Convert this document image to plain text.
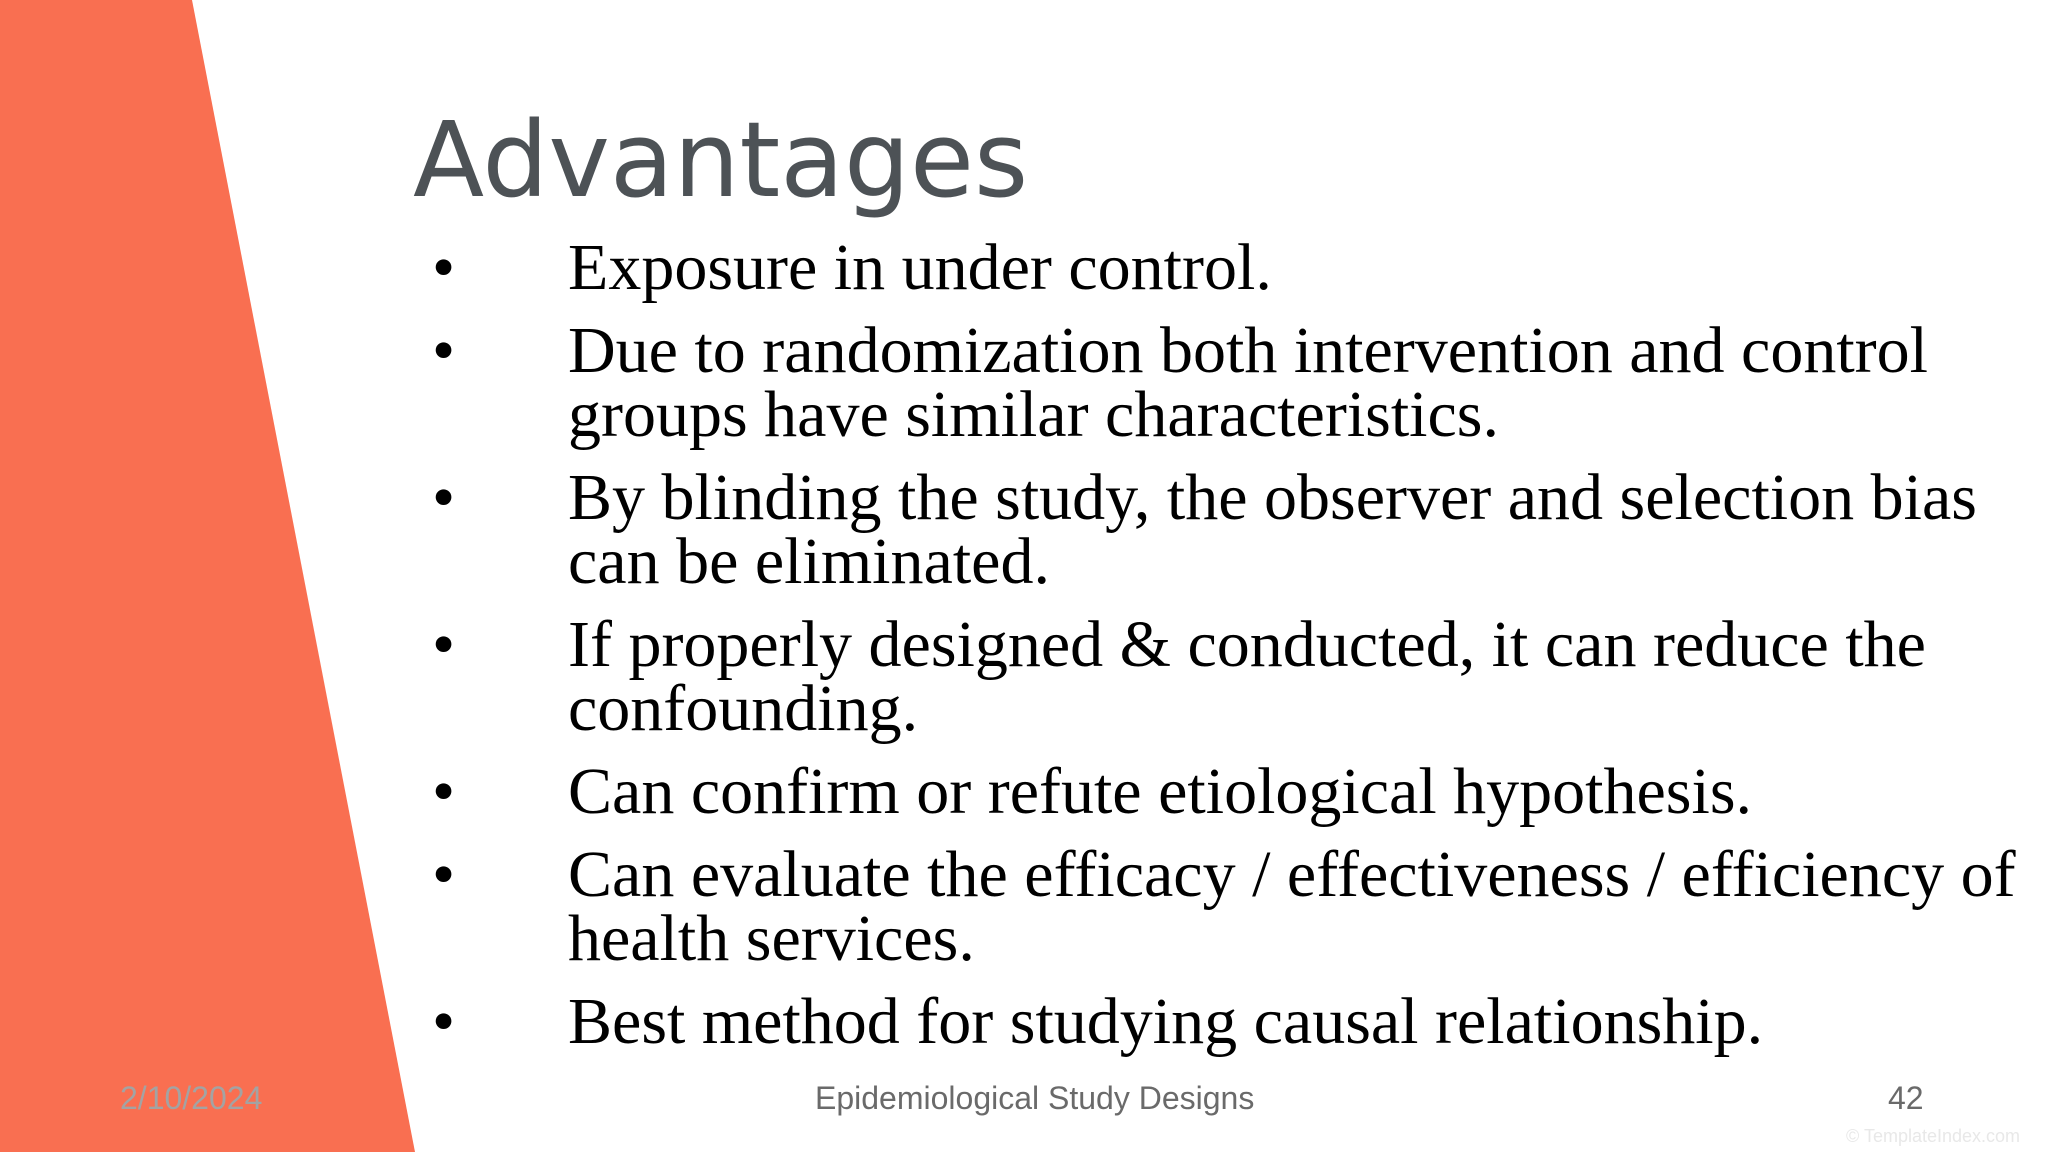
Advantages
•	Exposure in under control.
•	Due to randomization both intervention and control groups have similar characteristics.
•	By blinding the study, the observer and selection bias can be eliminated.
•	If properly designed & conducted, it can reduce the confounding.
•	Can confirm or refute etiological hypothesis.
•	Can evaluate the efficacy / effectiveness / efficiency of health services.
•	Best method for studying causal relationship.
2/10/2024	Epidemiological Study Designs	42
© TemplateIndex.com
